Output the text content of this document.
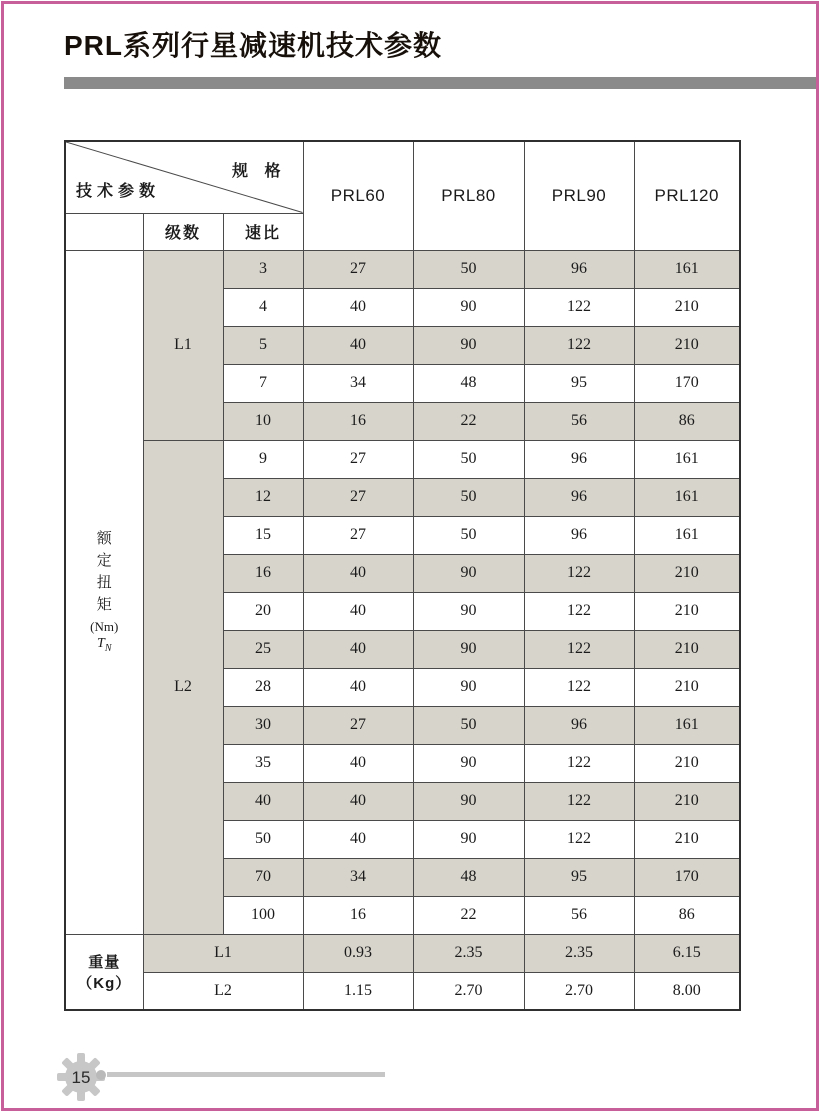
PRL系列行星减速机技术参数
规 格
技术参数			PRL60	PRL80	PRL90	PRL120
	级数	速比				

额定扭矩
(Nm)
$T_N$	L1	3	27	50	96	161
		4	40	90	122	210
		5	40	90	122	210
		7	34	48	95	170
		10	16	22	56	86
	L2	9	27	50	96	161
		12	27	50	96	161
		15	27	50	96	161
		16	40	90	122	210
		20	40	90	122	210
		25	40	90	122	210
		28	40	90	122	210
		30	27	50	96	161
		35	40	90	122	210
		40	40	90	122	210
		50	40	90	122	210
		70	34	48	95	170
		100	16	22	56	86
重量（Kg）	L1		0.93	2.35	2.35	6.15
	L2		1.15	2.70	2.70	8.00
15
